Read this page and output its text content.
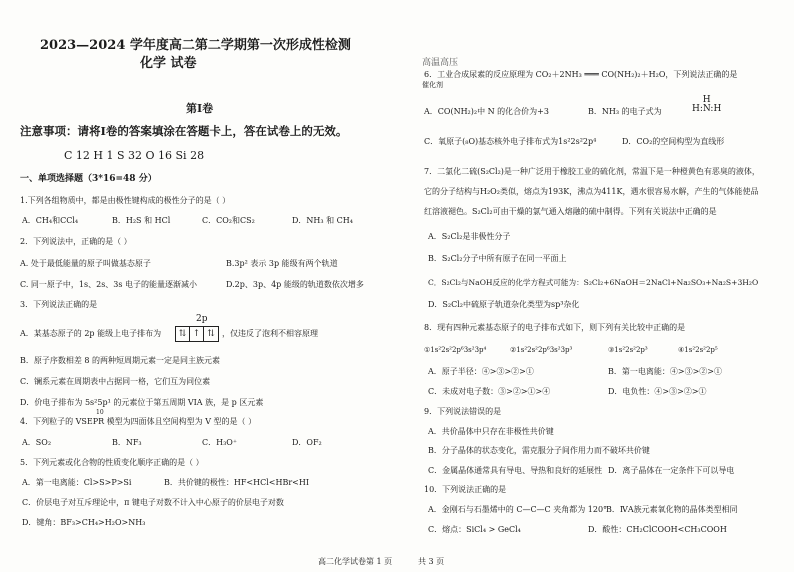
2023—2024 学年度高二第二学期第一次形成性检测
化学 试卷
第Ⅰ卷
注意事项：请将Ⅰ卷的答案填涂在答题卡上，答在试卷上的无效。
C 12 H 1 S 32 O 16 Si 28
一、单项选择题（3*16=48 分）
1.下列各组物质中，都是由极性键构成的极性分子的是（ ）
A．CH₄和CCl₄	B．H₂S 和 HCl	C．CO₂和CS₂	D．NH₃ 和 CH₄
2．下列说法中，正确的是（ ）
A. 处于最低能量的原子叫做基态原子	B.3p² 表示 3p 能级有两个轨道
C. 同一原子中，1s、2s、3s 电子的能量逐渐减小	D.2p、3p、4p 能级的轨道数依次增多
3．下列说法正确的是
2p
A．某基态原子的 2p 能级上电子排布为	⇅ ↑ ⇅ ，仅违反了泡利不相容原理
B．原子序数相差 8 的两种短周期元素一定是同主族元素
C．镧系元素在周期表中占据同一格，它们互为同位素
D．价电子排布为 5s²5p¹ 的元素位于第五周期 VIA 族，是 p 区元素
10
4．下列粒子的 VSEPR 模型为四面体且空间构型为 V 型的是（ ）
A．SO₂	B．NF₃	C．H₃O⁺	D．OF₂
5．下列元素或化合物的性质变化顺序正确的是（ ）
A．第一电离能：Cl>S>P>Si	B．共价键的极性：HF<HCl<HBr<HI
C．价层电子对互斥理论中，π 键电子对数不计入中心原子的价层电子对数
D．键角：BF₃>CH₄>H₂O>NH₃
高温高压
6．工业合成尿素的反应原理为 CO₂＋2NH₃ ═══ CO(NH₂)₂＋H₂O，下列说法正确的是
催化剂
A．CO(NH₂)₂中 N 的化合价为+3	B．NH₃ 的电子式为
H
H:N:H
C．氧原子(₈O)基态核外电子排布式为1s²2s²2p⁴	D．CO₂的空间构型为直线形
7．二氯化二硫(S₂Cl₂)是一种广泛用于橡胶工业的硫化剂，常温下是一种橙黄色有恶臭的液体，
它的分子结构与H₂O₂类似，熔点为193K，沸点为411K，遇水很容易水解，产生的气体能使品
红溶液褪色。S₂Cl₂可由干燥的氯气通入熔融的硫中制得。下列有关说法中正确的是
A．S₂Cl₂是非极性分子
B．S₂Cl₂分子中所有原子在同一平面上
C．S₂Cl₂与NaOH反应的化学方程式可能为：S₂Cl₂+6NaOH＝2NaCl+Na₂SO₃+Na₂S+3H₂O
D．S₂Cl₂中硫原子轨道杂化类型为sp³杂化
8．现有四种元素基态原子的电子排布式如下，则下列有关比较中正确的是
①1s²2s²2p⁶3s²3p⁴	②1s²2s²2p⁶3s²3p³	③1s²2s²2p³	④1s²2s²2p⁵
A．原子半径：④>③>②>①	B．第一电离能：④>③>②>①
C．未成对电子数：③>②>①>④	D．电负性：④>③>②>①
9．下列说法错误的是
A．共价晶体中只存在非极性共价键
B．分子晶体的状态变化，需克服分子间作用力而不破坏共价键
C．金属晶体通常具有导电、导热和良好的延展性 D．离子晶体在一定条件下可以导电
10．下列说法正确的是
A．金刚石与石墨烯中的 C—C—C 夹角都为 120°
B．ⅣA族元素氧化物的晶体类型相同
C．熔点：SiCl₄ > GeCl₄	D．酸性：CH₂ClCOOH<CH₃COOH
高二化学试卷第 1 页	共 3 页
